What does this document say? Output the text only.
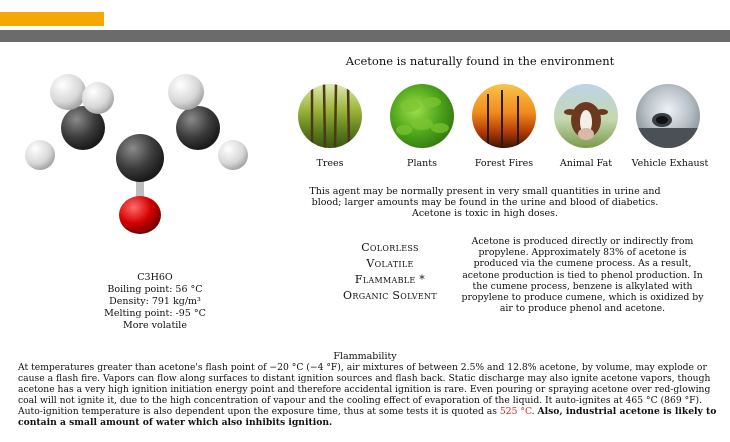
Acetone is naturally found in the environment
Trees	Plants	Forest Fires	Animal Fat	Vehicle Exhaust
This agent may be normally present in very small quantities in urine and blood; larger amounts may be found in the urine and blood of diabetics. Acetone is toxic in high doses.
Colorless
Volatile
Flammable *
Organic Solvent
Acetone is produced directly or indirectly from propylene. Approximately 83% of acetone is produced via the cumene process. As a result, acetone production is tied to phenol production. In the cumene process, benzene is alkylated with propylene to produce cumene, which is oxidized by air to produce phenol and acetone.
C3H6O
Boiling point: 56 °C
Density: 791 kg/m³
Melting point: -95 °C
More volatile
Flammability
At temperatures greater than acetone's flash point of −20 °C (−4 °F), air mixtures of between 2.5% and 12.8% acetone, by volume, may explode or cause a flash fire. Vapors can flow along surfaces to distant ignition sources and flash back. Static discharge may also ignite acetone vapors, though acetone has a very high ignition initiation energy point and therefore accidental ignition is rare. Even pouring or spraying acetone over red-glowing coal will not ignite it, due to the high concentration of vapour and the cooling effect of evaporation of the liquid. It auto-ignites at 465 °C (869 °F). Auto-ignition temperature is also dependent upon the exposure time, thus at some tests it is quoted as 525 °C. Also, industrial acetone is likely to contain a small amount of water which also inhibits ignition.
